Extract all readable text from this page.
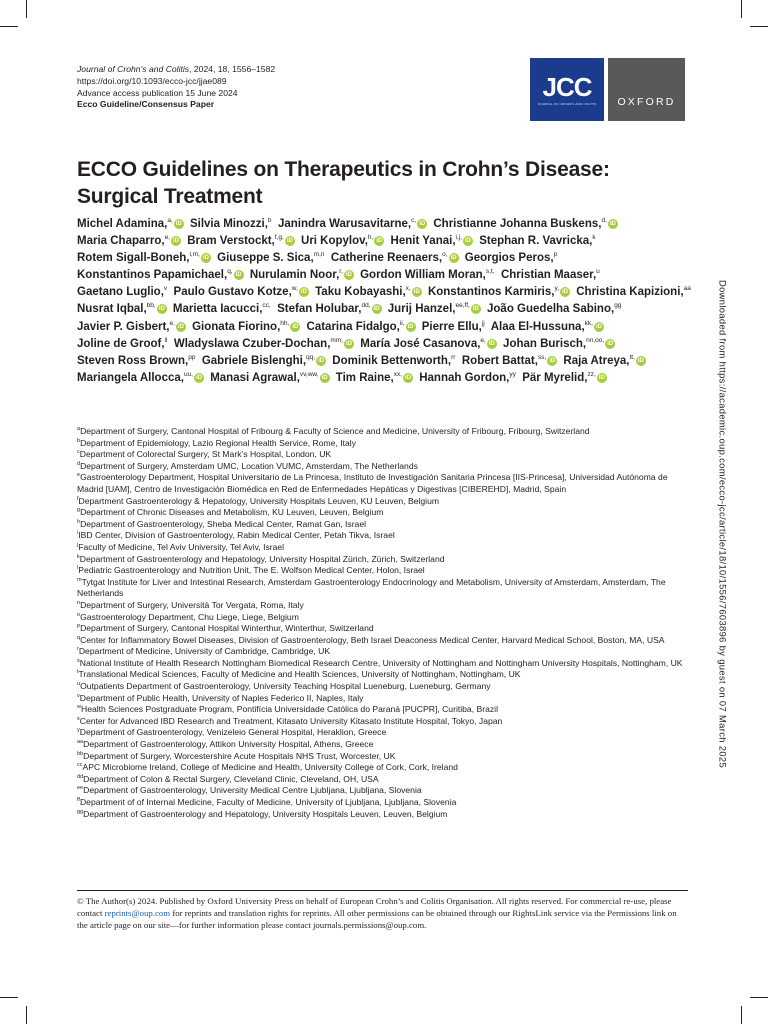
Journal of Crohn’s and Colitis, 2024, 18, 1556–1582
https://doi.org/10.1093/ecco-jcc/jjae089
Advance access publication 15 June 2024
Ecco Guideline/Consensus Paper
JCC
JOURNAL OF CROHN'S AND COLITIS	OXFORD
ECCO Guidelines on Therapeutics in Crohn’s Disease: Surgical Treatment
Michel Adamina,$^{a,}$ iD Silvia Minozzi,$^b$ Janindra Warusavitarne,$^{c,}$ iD Christianne Johanna Buskens,$^{d,}$ iD Maria Chaparro,$^{e,}$ iD Bram Verstockt,$^{f,g,}$ iD Uri Kopylov,$^{h,}$ iD Henit Yanai,$^{i,j,}$ iD Stephan R. Vavricka,$^k$  Rotem Sigall-Boneh,$^{l,m,}$ iD Giuseppe S. Sica,$^{m,n}$ Catherine Reenaers,$^{o,}$ iD Georgios Peros,$^p$  Konstantinos Papamichael,$^{q,}$ iD Nurulamin Noor,$^{r,}$ iD Gordon William Moran,$^{s,t,}$ Christian Maaser,$^u$  Gaetano Luglio,$^v$ Paulo Gustavo Kotze,$^{w,}$ iD Taku Kobayashi,$^{x,}$ iD Konstantinos Karmiris,$^{y,}$ iD Christina Kapizioni,$^{aa}$  Nusrat Iqbal,$^{bb,}$ iD Marietta Iacucci,$^{cc,}$ Stefan Holubar,$^{dd,}$ iD Jurij Hanzel,$^{ee,ff,}$ iD João Guedelha Sabino,$^{gg}$  Javier P. Gisbert,$^{e,}$ iD Gionata Fiorino,$^{hh,}$ iD Catarina Fidalgo,$^{ii,}$ iD Pierre Ellu,$^{jj}$ Alaa El-Hussuna,$^{kk,}$ iD Joline de Groof,$^{ll}$ Wladyslawa Czuber-Dochan,$^{mm,}$ iD María José Casanova,$^{e,}$ iD Johan Burisch,$^{nn,oo,}$ iD Steven Ross Brown,$^{pp}$ Gabriele Bislenghi,$^{qq,}$ iD Dominik Bettenworth,$^{rr}$ Robert Battat,$^{ss,}$ iD Raja Atreya,$^{tt,}$ iD Mariangela Allocca,$^{uu,}$ iD Manasi Agrawal,$^{vv,ww,}$ iD Tim Raine,$^{xx,}$ iD Hannah Gordon,$^{yy}$ Pär Myrelid,$^{zz,}$ iD
$^a$Department of Surgery, Cantonal Hospital of Fribourg & Faculty of Science and Medicine, University of Fribourg, Fribourg, Switzerland
$^b$Department of Epidemiology, Lazio Regional Health Service, Rome, Italy
$^c$Department of Colorectal Surgery, St Mark’s Hospital, London, UK
$^d$Department of Surgery, Amsterdam UMC, Location VUMC, Amsterdam, The Netherlands
$^e$Gastroenterology Department, Hospital Universitario de La Princesa, Instituto de Investigación Sanitaria Princesa [IIS-Princesa], Universidad Autónoma de Madrid [UAM], Centro de Investigación Biomédica en Red de Enfermedades Hepáticas y Digestivas [CIBEREHD], Madrid, Spain
$^f$Department Gastroenterology & Hepatology, University Hospitals Leuven, KU Leuven, Belgium
$^g$Department of Chronic Diseases and Metabolism, KU Leuven, Leuven, Belgium
$^h$Department of Gastroenterology, Sheba Medical Center, Ramat Gan, Israel
$^i$IBD Center, Division of Gastroenterology, Rabin Medical Center, Petah Tikva, Israel
$^j$Faculty of Medicine, Tel Aviv University, Tel Aviv, Israel
$^k$Department of Gastroenterology and Hepatology, University Hospital Zürich, Zürich, Switzerland
$^l$Pediatric Gastroenterology and Nutrition Unit, The E. Wolfson Medical Center, Holon, Israel
$^m$Tytgat Institute for Liver and Intestinal Research, Amsterdam Gastroenterology Endocrinology and Metabolism, University of Amsterdam, Amsterdam, The Netherlands
$^n$Department of Surgery, Università Tor Vergata, Roma, Italy
$^o$Gastroenterology Department, Chu Liege, Liege, Belgium
$^p$Department of Surgery, Cantonal Hospital Winterthur, Winterthur, Switzerland
$^q$Center for Inflammatory Bowel Diseases, Division of Gastroenterology, Beth Israel Deaconess Medical Center, Harvard Medical School, Boston, MA, USA
$^r$Department of Medicine, University of Cambridge, Cambridge, UK
$^s$National Institute of Health Research Nottingham Biomedical Research Centre, University of Nottingham and Nottingham University Hospitals, Nottingham, UK
$^t$Translational Medical Sciences, Faculty of Medicine and Health Sciences, University of Nottingham, Nottingham, UK
$^u$Outpatients Department of Gastroenterology, University Teaching Hospital Lueneburg, Lueneburg, Germany
$^v$Department of Public Health, University of Naples Federico II, Naples, Italy
$^w$Health Sciences Postgraduate Program, Pontifícia Universidade Católica do Paraná [PUCPR], Curitiba, Brazil
$^x$Center for Advanced IBD Research and Treatment, Kitasato University Kitasato Institute Hospital, Tokyo, Japan
$^y$Department of Gastroenterology, Venizeleio General Hospital, Heraklion, Greece
$^{aa}$Department of Gastroenterology, Attikon University Hospital, Athens, Greece
$^{bb}$Department of Surgery, Worcestershire Acute Hospitals NHS Trust, Worcester, UK
$^{cc}$APC Microbiome Ireland, College of Medicine and Health, University College of Cork, Cork, Ireland
$^{dd}$Department of Colon & Rectal Surgery, Cleveland Clinic, Cleveland, OH, USA
$^{ee}$Department of Gastroenterology, University Medical Centre Ljubljana, Ljubljana, Slovenia
$^{ff}$Department of of Internal Medicine, Faculty of Medicine, University of Ljubljana, Ljubljana, Slovenia
$^{gg}$Department of Gastroenterology and Hepatology, University Hospitals Leuven, Leuven, Belgium
© The Author(s) 2024. Published by Oxford University Press on behalf of European Crohn’s and Colitis Organisation. All rights reserved. For commercial re-use, please contact reprints@oup.com for reprints and translation rights for reprints. All other permissions can be obtained through our RightsLink service via the Permissions link on the article page on our site—for further information please contact journals.permissions@oup.com.
Downloaded from https://academic.oup.com/ecco-jcc/article/18/10/1556/7603896 by guest on 07 March 2025
